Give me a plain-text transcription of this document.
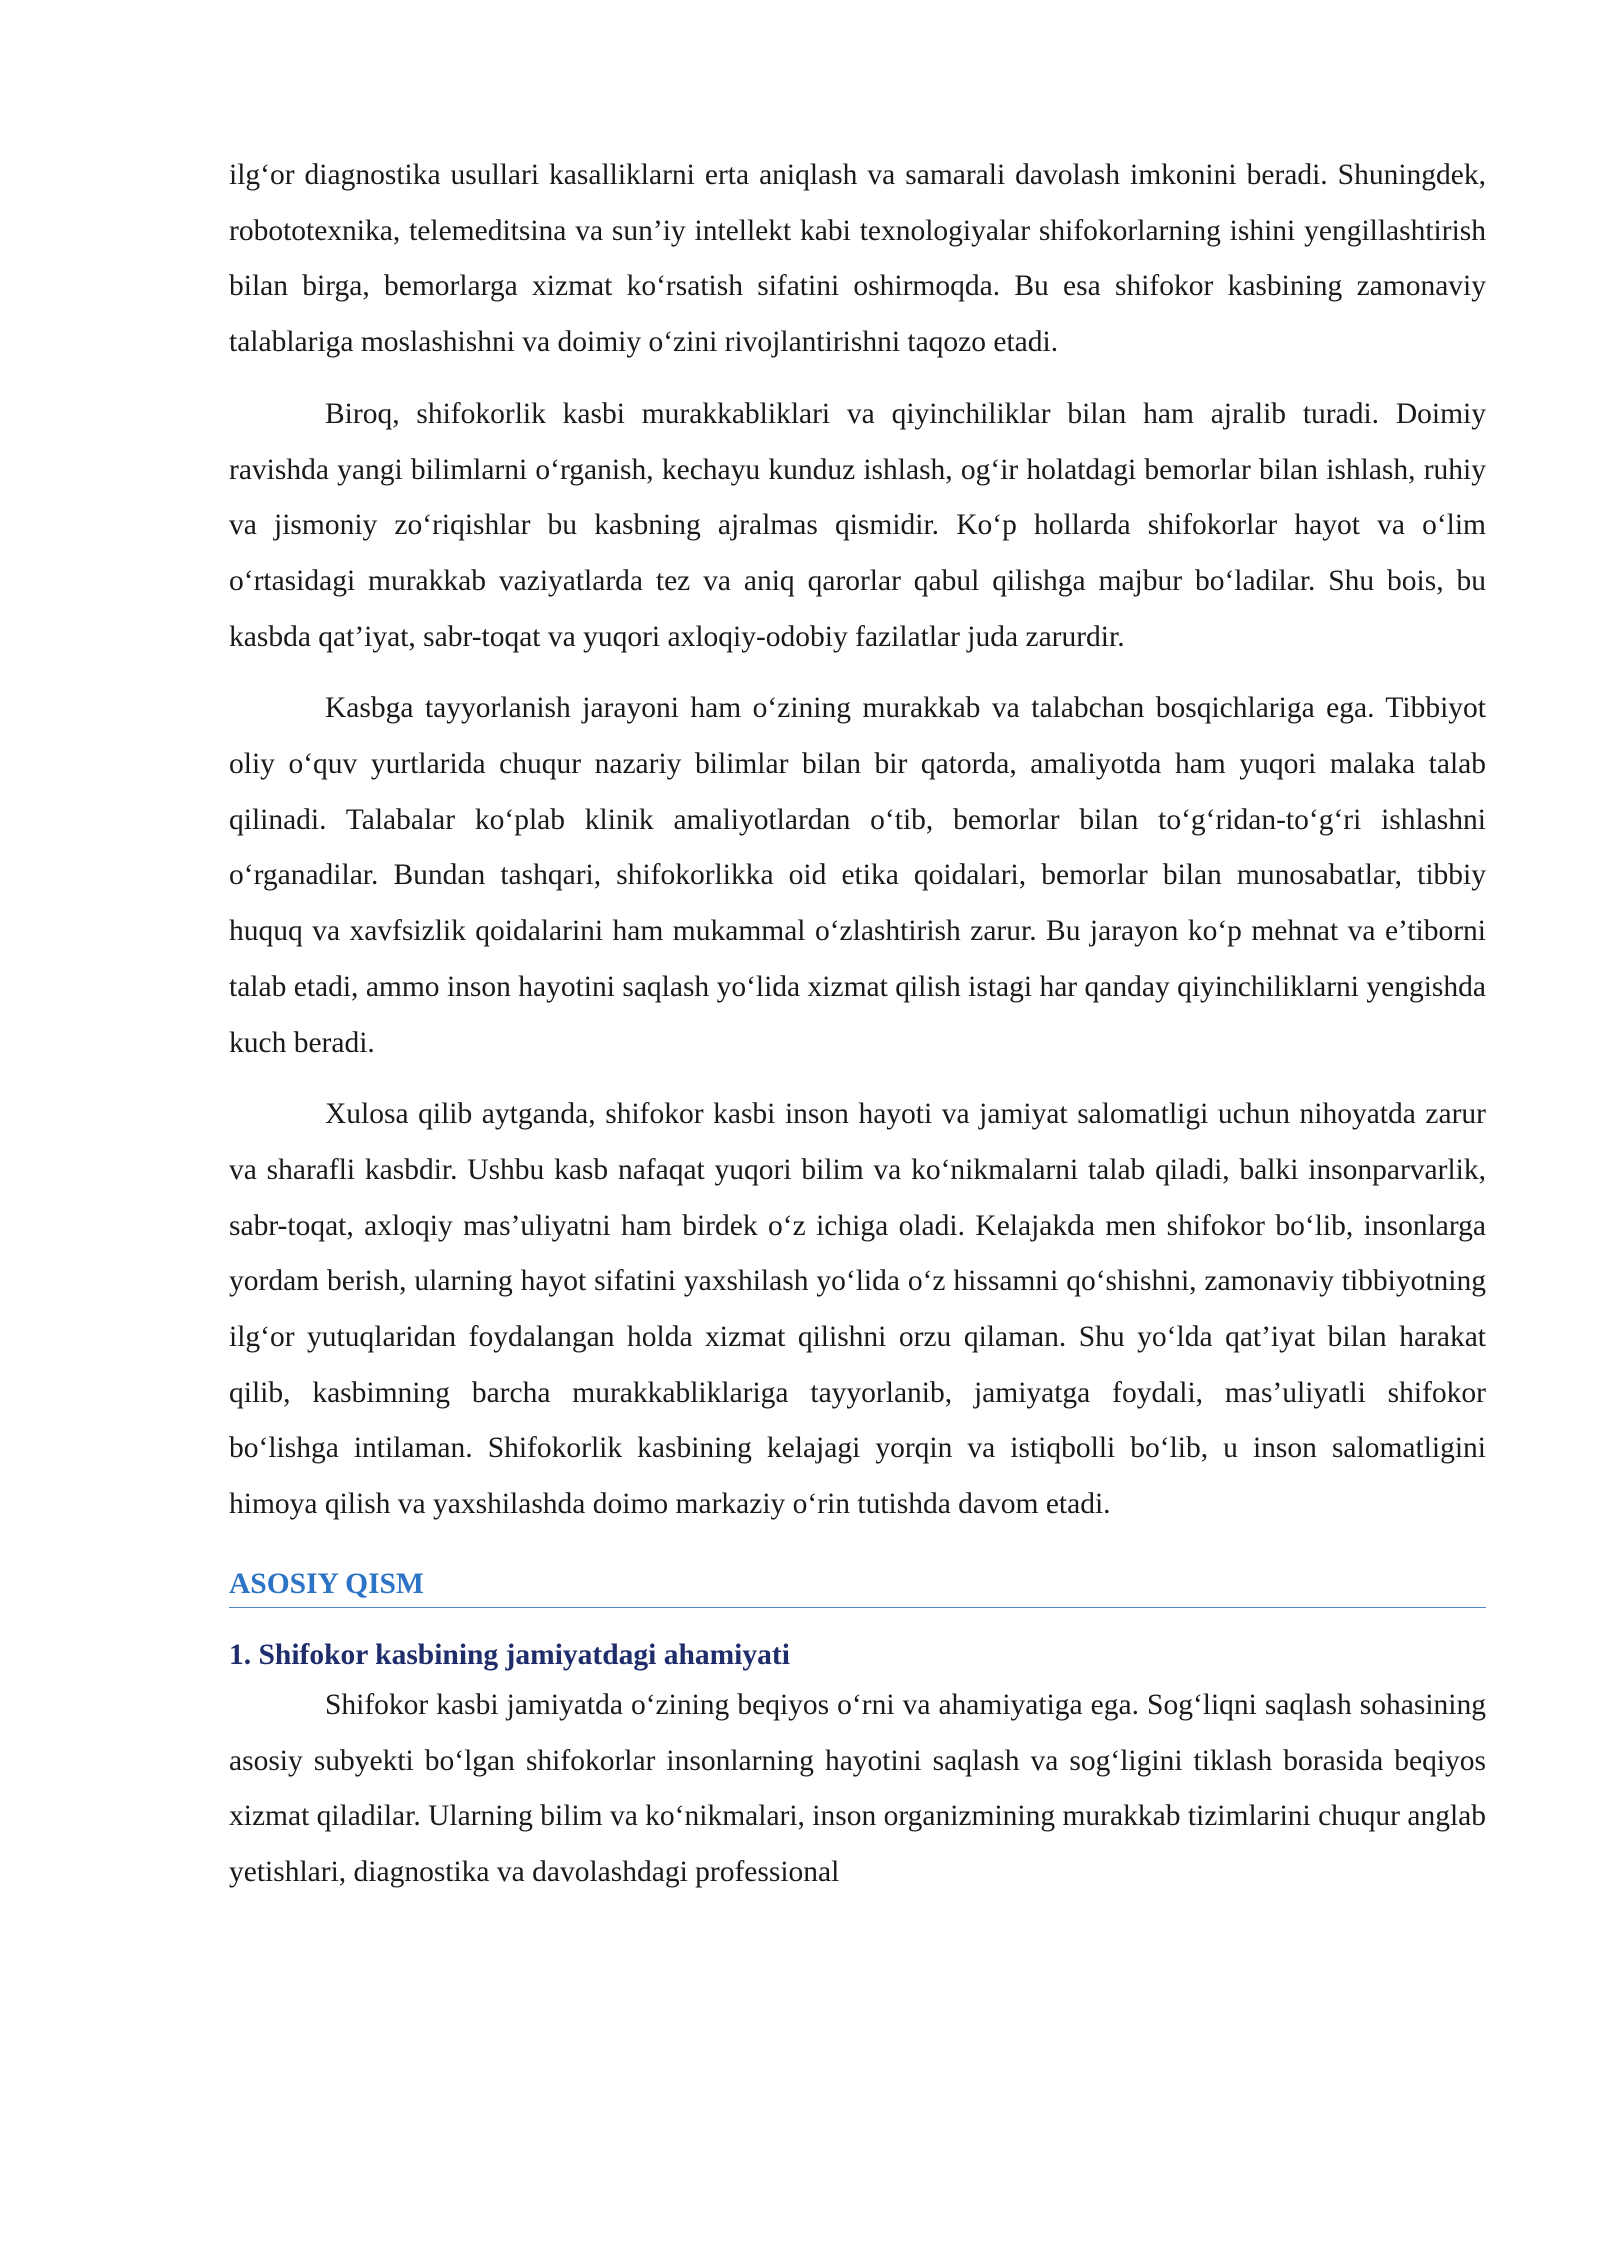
ilg‘or diagnostika usullari kasalliklarni erta aniqlash va samarali davolash imkonini beradi. Shuningdek, robototexnika, telemeditsina va sun’iy intellekt kabi texnologiyalar shifokorlarning ishini yengillashtirish bilan birga, bemorlarga xizmat ko‘rsatish sifatini oshirmoqda. Bu esa shifokor kasbining zamonaviy talablariga moslashishni va doimiy o‘zini rivojlantirishni taqozo etadi.

Biroq, shifokorlik kasbi murakkabliklari va qiyinchiliklar bilan ham ajralib turadi. Doimiy ravishda yangi bilimlarni o‘rganish, kechayu kunduz ishlash, og‘ir holatdagi bemorlar bilan ishlash, ruhiy va jismoniy zo‘riqishlar bu kasbning ajralmas qismidir. Ko‘p hollarda shifokorlar hayot va o‘lim o‘rtasidagi murakkab vaziyatlarda tez va aniq qarorlar qabul qilishga majbur bo‘ladilar. Shu bois, bu kasbda qat’iyat, sabr-toqat va yuqori axloqiy-odobiy fazilatlar juda zarurdir.

Kasbga tayyorlanish jarayoni ham o‘zining murakkab va talabchan bosqichlariga ega. Tibbiyot oliy o‘quv yurtlarida chuqur nazariy bilimlar bilan bir qatorda, amaliyotda ham yuqori malaka talab qilinadi. Talabalar ko‘plab klinik amaliyotlardan o‘tib, bemorlar bilan to‘g‘ridan-to‘g‘ri ishlashni o‘rganadilar. Bundan tashqari, shifokorlikka oid etika qoidalari, bemorlar bilan munosabatlar, tibbiy huquq va xavfsizlik qoidalarini ham mukammal o‘zlashtirish zarur. Bu jarayon ko‘p mehnat va e’tiborni talab etadi, ammo inson hayotini saqlash yo‘lida xizmat qilish istagi har qanday qiyinchiliklarni yengishda kuch beradi.

Xulosa qilib aytganda, shifokor kasbi inson hayoti va jamiyat salomatligi uchun nihoyatda zarur va sharafli kasbdir. Ushbu kasb nafaqat yuqori bilim va ko‘nikmalarni talab qiladi, balki insonparvarlik, sabr-toqat, axloqiy mas’uliyatni ham birdek o‘z ichiga oladi. Kelajakda men shifokor bo‘lib, insonlarga yordam berish, ularning hayot sifatini yaxshilash yo‘lida o‘z hissamni qo‘shishni, zamonaviy tibbiyotning ilg‘or yutuqlaridan foydalangan holda xizmat qilishni orzu qilaman. Shu yo‘lda qat’iyat bilan harakat qilib, kasbimning barcha murakkabliklariga tayyorlanib, jamiyatga foydali, mas’uliyatli shifokor bo‘lishga intilaman. Shifokorlik kasbining kelajagi yorqin va istiqbolli bo‘lib, u inson salomatligini himoya qilish va yaxshilashda doimo markaziy o‘rin tutishda davom etadi.

ASOSIY QISM
1. Shifokor kasbining jamiyatdagi ahamiyati

Shifokor kasbi jamiyatda o‘zining beqiyos o‘rni va ahamiyatiga ega. Sog‘liqni saqlash sohasining asosiy subyekti bo‘lgan shifokorlar insonlarning hayotini saqlash va sog‘ligini tiklash borasida beqiyos xizmat qiladilar. Ularning bilim va ko‘nikmalari, inson organizmining murakkab tizimlarini chuqur anglab yetishlari, diagnostika va davolashdagi professional
